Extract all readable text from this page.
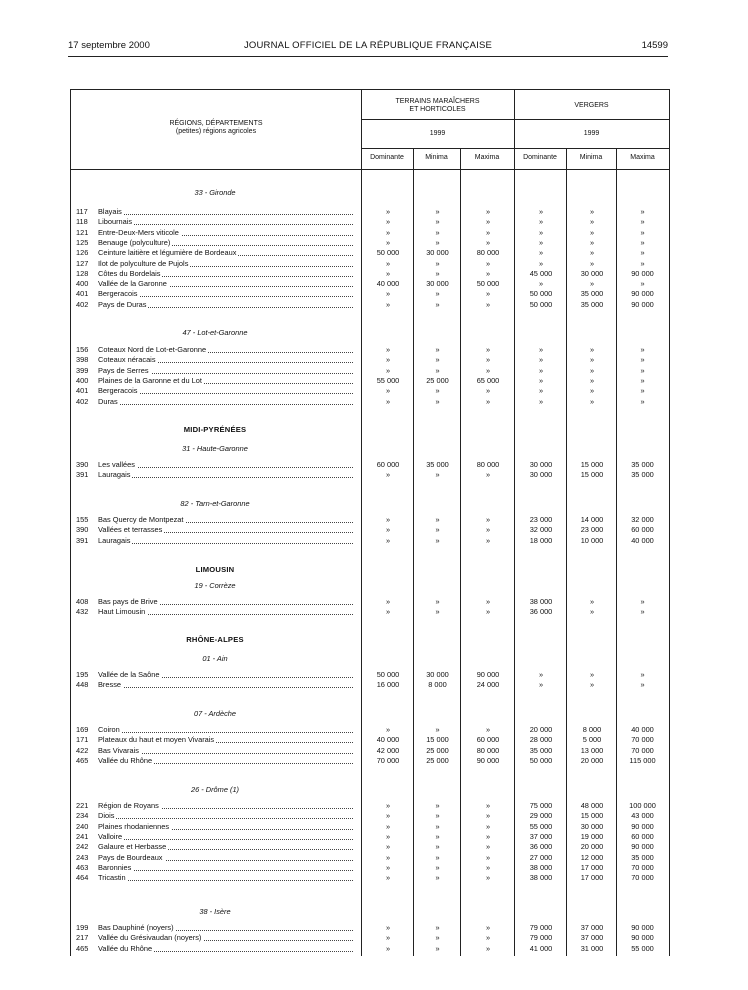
17 septembre 2000	JOURNAL OFFICIEL DE LA RÉPUBLIQUE FRANÇAISE	14599
RÉGIONS, DÉPARTEMENTS
(petites) régions agricoles
TERRAINS MARAÎCHERS
ET HORTICOLES
VERGERS
1999	1999
Dominante	Minima	Maxima	Dominante	Minima	Maxima
33 - Gironde
117	Blayais	»	»	»	»	»	»
118	Libournais	»	»	»	»	»	»
121	Entre-Deux-Mers viticole	»	»	»	»	»	»
125	Benauge (polyculture)	»	»	»	»	»	»
126	Ceinture laitière et légumière de Bordeaux	50 000	30 000	80 000	»	»	»
127	Ilot de polyculture de Pujols	»	»	»	»	»	»
128	Côtes du Bordelais	»	»	»	45 000	30 000	90 000
400	Vallée de la Garonne	40 000	30 000	50 000	»	»	»
401	Bergeracois	»	»	»	50 000	35 000	90 000
402	Pays de Duras	»	»	»	50 000	35 000	90 000
47 - Lot-et-Garonne
156	Coteaux Nord de Lot-et-Garonne	»	»	»	»	»	»
398	Coteaux néracais	»	»	»	»	»	»
399	Pays de Serres	»	»	»	»	»	»
400	Plaines de la Garonne et du Lot	55 000	25 000	65 000	»	»	»
401	Bergeracois	»	»	»	»	»	»
402	Duras	»	»	»	»	»	»
MIDI-PYRÉNÉES
31 - Haute-Garonne
390	Les vallées	60 000	35 000	80 000	30 000	15 000	35 000
391	Lauragais	»	»	»	30 000	15 000	35 000
82 - Tarn-et-Garonne
155	Bas Quercy de Montpezat	»	»	»	23 000	14 000	32 000
390	Vallées et terrasses	»	»	»	32 000	23 000	60 000
391	Lauragais	»	»	»	18 000	10 000	40 000
LIMOUSIN
19 - Corrèze
408	Bas pays de Brive	»	»	»	38 000	»	»
432	Haut Limousin	»	»	»	36 000	»	»
RHÔNE-ALPES
01 - Ain
195	Vallée de la Saône	50 000	30 000	90 000	»	»	»
448	Bresse	16 000	8 000	24 000	»	»	»
07 - Ardèche
169	Coiron	»	»	»	20 000	8 000	40 000
171	Plateaux du haut et moyen Vivarais	40 000	15 000	60 000	28 000	5 000	70 000
422	Bas Vivarais	42 000	25 000	80 000	35 000	13 000	70 000
465	Vallée du Rhône	70 000	25 000	90 000	50 000	20 000	115 000
26 - Drôme (1)
221	Région de Royans	»	»	»	75 000	48 000	100 000
234	Diois	»	»	»	29 000	15 000	43 000
240	Plaines rhodaniennes	»	»	»	55 000	30 000	90 000
241	Valloire	»	»	»	37 000	19 000	60 000
242	Galaure et Herbasse	»	»	»	36 000	20 000	90 000
243	Pays de Bourdeaux	»	»	»	27 000	12 000	35 000
463	Baronnies	»	»	»	38 000	17 000	70 000
464	Tricastin	»	»	»	38 000	17 000	70 000
38 - Isère
199	Bas Dauphiné (noyers)	»	»	»	79 000	37 000	90 000
217	Vallée du Grésivaudan (noyers)	»	»	»	79 000	37 000	90 000
465	Vallée du Rhône	»	»	»	41 000	31 000	55 000
